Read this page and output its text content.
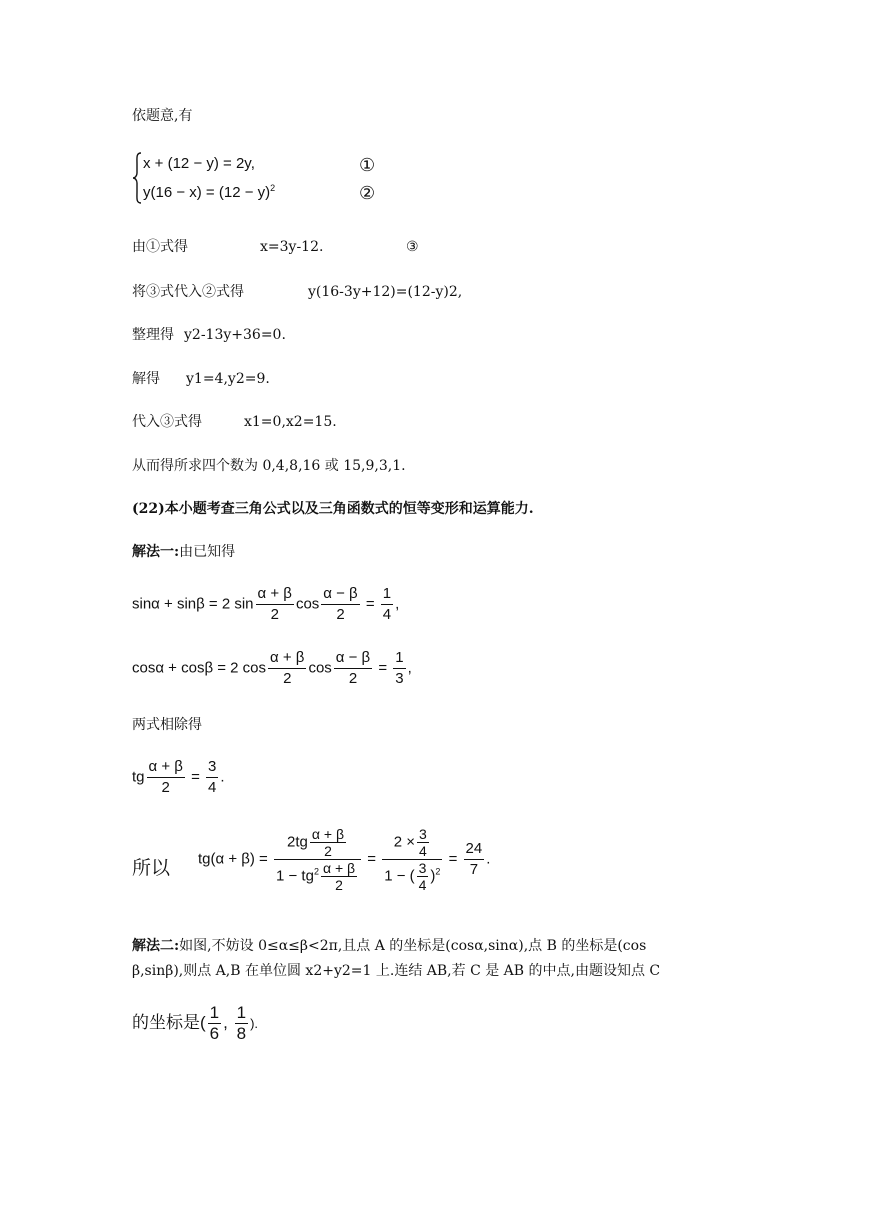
依题意,有
x + (12 − y) = 2y,	①
$y(16 - x) = (12 - y)^2$	②
由①式得	x=3y-12.	③
将③式代入②式得	y(16-3y+12)=(12-y)2,
整理得 y2-13y+36=0.
解得 y1=4,y2=9.
代入③式得	x1=0,x2=15.
从而得所求四个数为 0,4,8,16 或 15,9,3,1.
(22)本小题考查三角公式以及三角函数式的恒等变形和运算能力.
解法一:由已知得
sinα + sinβ = 2 $\sin \frac{\alpha + \beta}{2}$ $\cos \frac{\alpha - \beta}{2} = \frac{1}{4}$ ,
cosα + cosβ = 2 $\cos \frac{\alpha + \beta}{2}$ $\cos \frac{\alpha - \beta}{2} = \frac{1}{3}$ ,
两式相除得
tg $\frac{\alpha + \beta}{2} = \frac{3}{4}$ .
所以 $tg(\alpha + \beta) = \frac{2tg \frac{\alpha + \beta}{2}}{1 - tg^2 \frac{\alpha + \beta}{2}} = \frac{2 \times \frac{3}{4}}{1 - ( \frac{3}{4} )^2} = \frac{24}{7}$ .
解法二:如图,不妨设 0≤α≤β<2π,且点 A 的坐标是(cosα,sinα),点 B 的坐标是(cos
β,sinβ),则点 A,B 在单位圆 x2+y2=1 上.连结 AB,若 C 是 AB 的中点,由题设知点 C
的坐标是( $\frac{1}{6}$ , $\frac{1}{8}$ ).
